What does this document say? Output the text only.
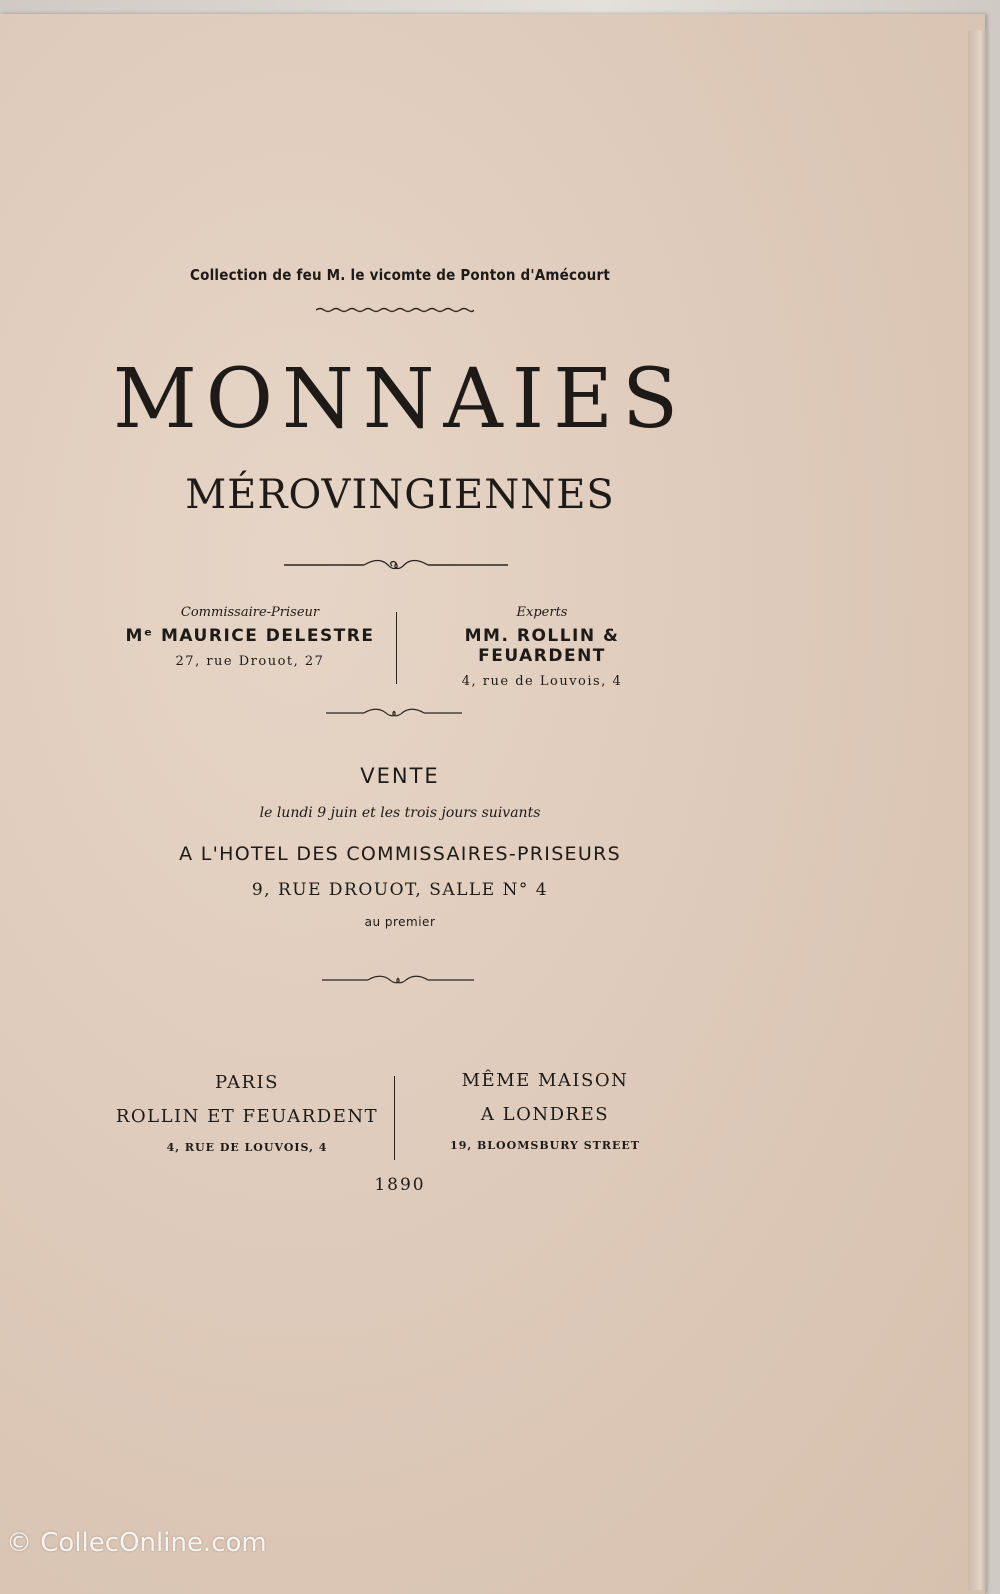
Collection de feu M. le vicomte de Ponton d'Amécourt
MONNAIES
MÉROVINGIENNES
Commissaire-Priseur
Mᵉ MAURICE DELESTRE
27, rue Drouot, 27
Experts
MM. ROLLIN & FEUARDENT
4, rue de Louvois, 4
VENTE
le lundi 9 juin et les trois jours suivants
A L'HOTEL DES COMMISSAIRES-PRISEURS
9, RUE DROUOT, SALLE N° 4
au premier
PARIS
ROLLIN ET FEUARDENT
4, RUE DE LOUVOIS, 4
MÊME MAISON
A LONDRES
19, BLOOMSBURY STREET
1890
© ColleсOnline.com
